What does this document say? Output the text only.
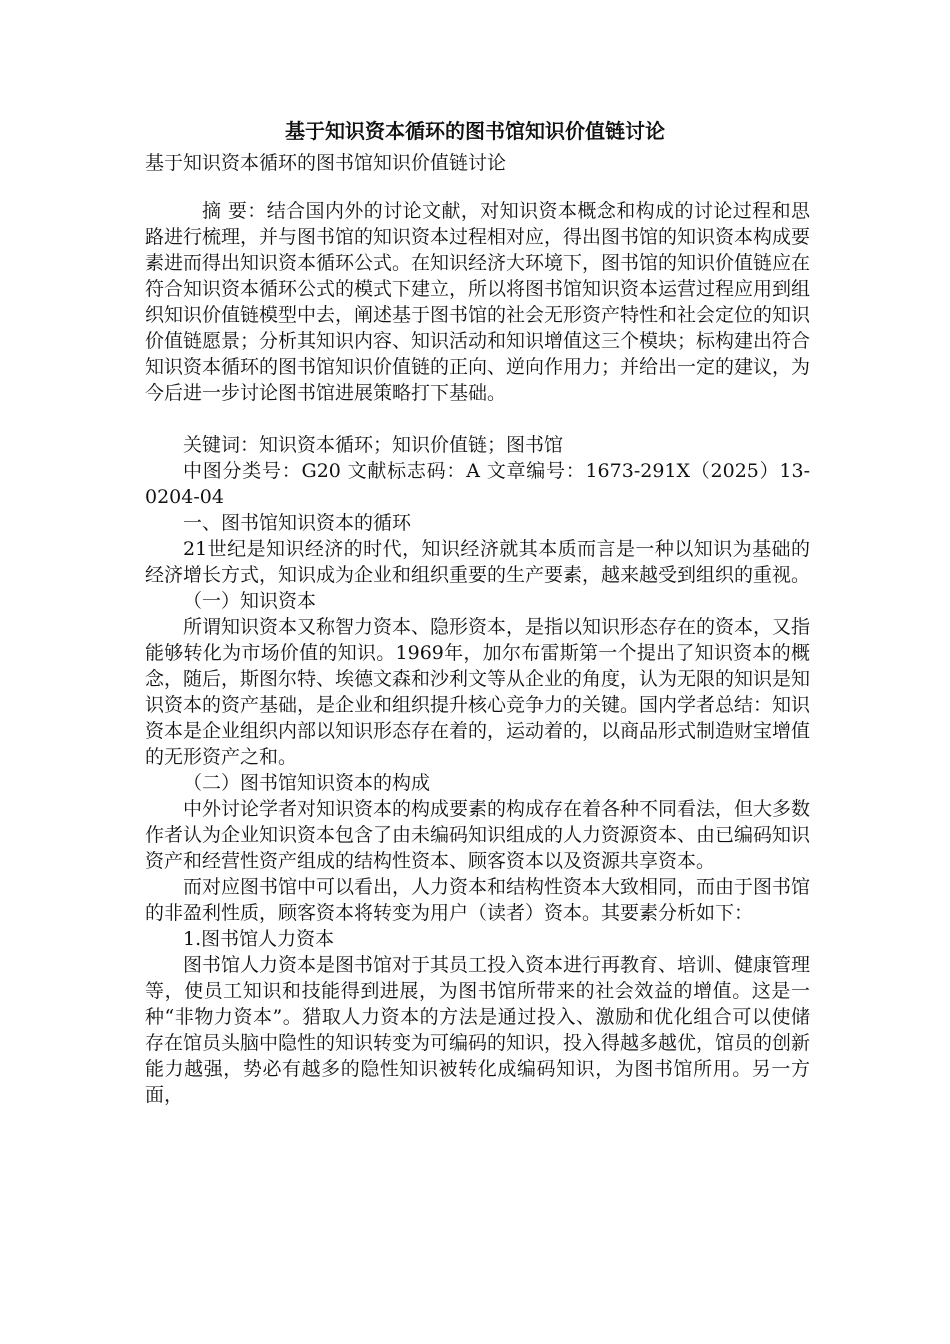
基于知识资本循环的图书馆知识价值链讨论

基于知识资本循环的图书馆知识价值链讨论

摘 要：结合国内外的讨论文献，对知识资本概念和构成的讨论过程和思路进行梳理，并与图书馆的知识资本过程相对应，得出图书馆的知识资本构成要素进而得出知识资本循环公式。在知识经济大环境下，图书馆的知识价值链应在符合知识资本循环公式的模式下建立，所以将图书馆知识资本运营过程应用到组织知识价值链模型中去，阐述基于图书馆的社会无形资产特性和社会定位的知识价值链愿景；分析其知识内容、知识活动和知识增值这三个模块；标构建出符合知识资本循环的图书馆知识价值链的正向、逆向作用力；并给出一定的建议，为今后进一步讨论图书馆进展策略打下基础。

关键词：知识资本循环；知识价值链；图书馆

中图分类号：G20 文献标志码：A 文章编号：1673-291X（2025）13-0204-04

一、图书馆知识资本的循环

21世纪是知识经济的时代，知识经济就其本质而言是一种以知识为基础的经济增长方式，知识成为企业和组织重要的生产要素，越来越受到组织的重视。

（一）知识资本

所谓知识资本又称智力资本、隐形资本，是指以知识形态存在的资本，又指能够转化为市场价值的知识。1969年，加尔布雷斯第一个提出了知识资本的概念，随后，斯图尔特、埃德文森和沙利文等从企业的角度，认为无限的知识是知识资本的资产基础，是企业和组织提升核心竞争力的关键。国内学者总结：知识资本是企业组织内部以知识形态存在着的，运动着的，以商品形式制造财宝增值的无形资产之和。

（二）图书馆知识资本的构成

中外讨论学者对知识资本的构成要素的构成存在着各种不同看法，但大多数作者认为企业知识资本包含了由未编码知识组成的人力资源资本、由已编码知识资产和经营性资产组成的结构性资本、顾客资本以及资源共享资本。

而对应图书馆中可以看出，人力资本和结构性资本大致相同，而由于图书馆的非盈利性质，顾客资本将转变为用户（读者）资本。其要素分析如下：

1.图书馆人力资本

图书馆人力资本是图书馆对于其员工投入资本进行再教育、培训、健康管理等，使员工知识和技能得到进展，为图书馆所带来的社会效益的增值。这是一种“非物力资本”。猎取人力资本的方法是通过投入、激励和优化组合可以使储存在馆员头脑中隐性的知识转变为可编码的知识，投入得越多越优，馆员的创新能力越强，势必有越多的隐性知识被转化成编码知识，为图书馆所用。另一方面，
